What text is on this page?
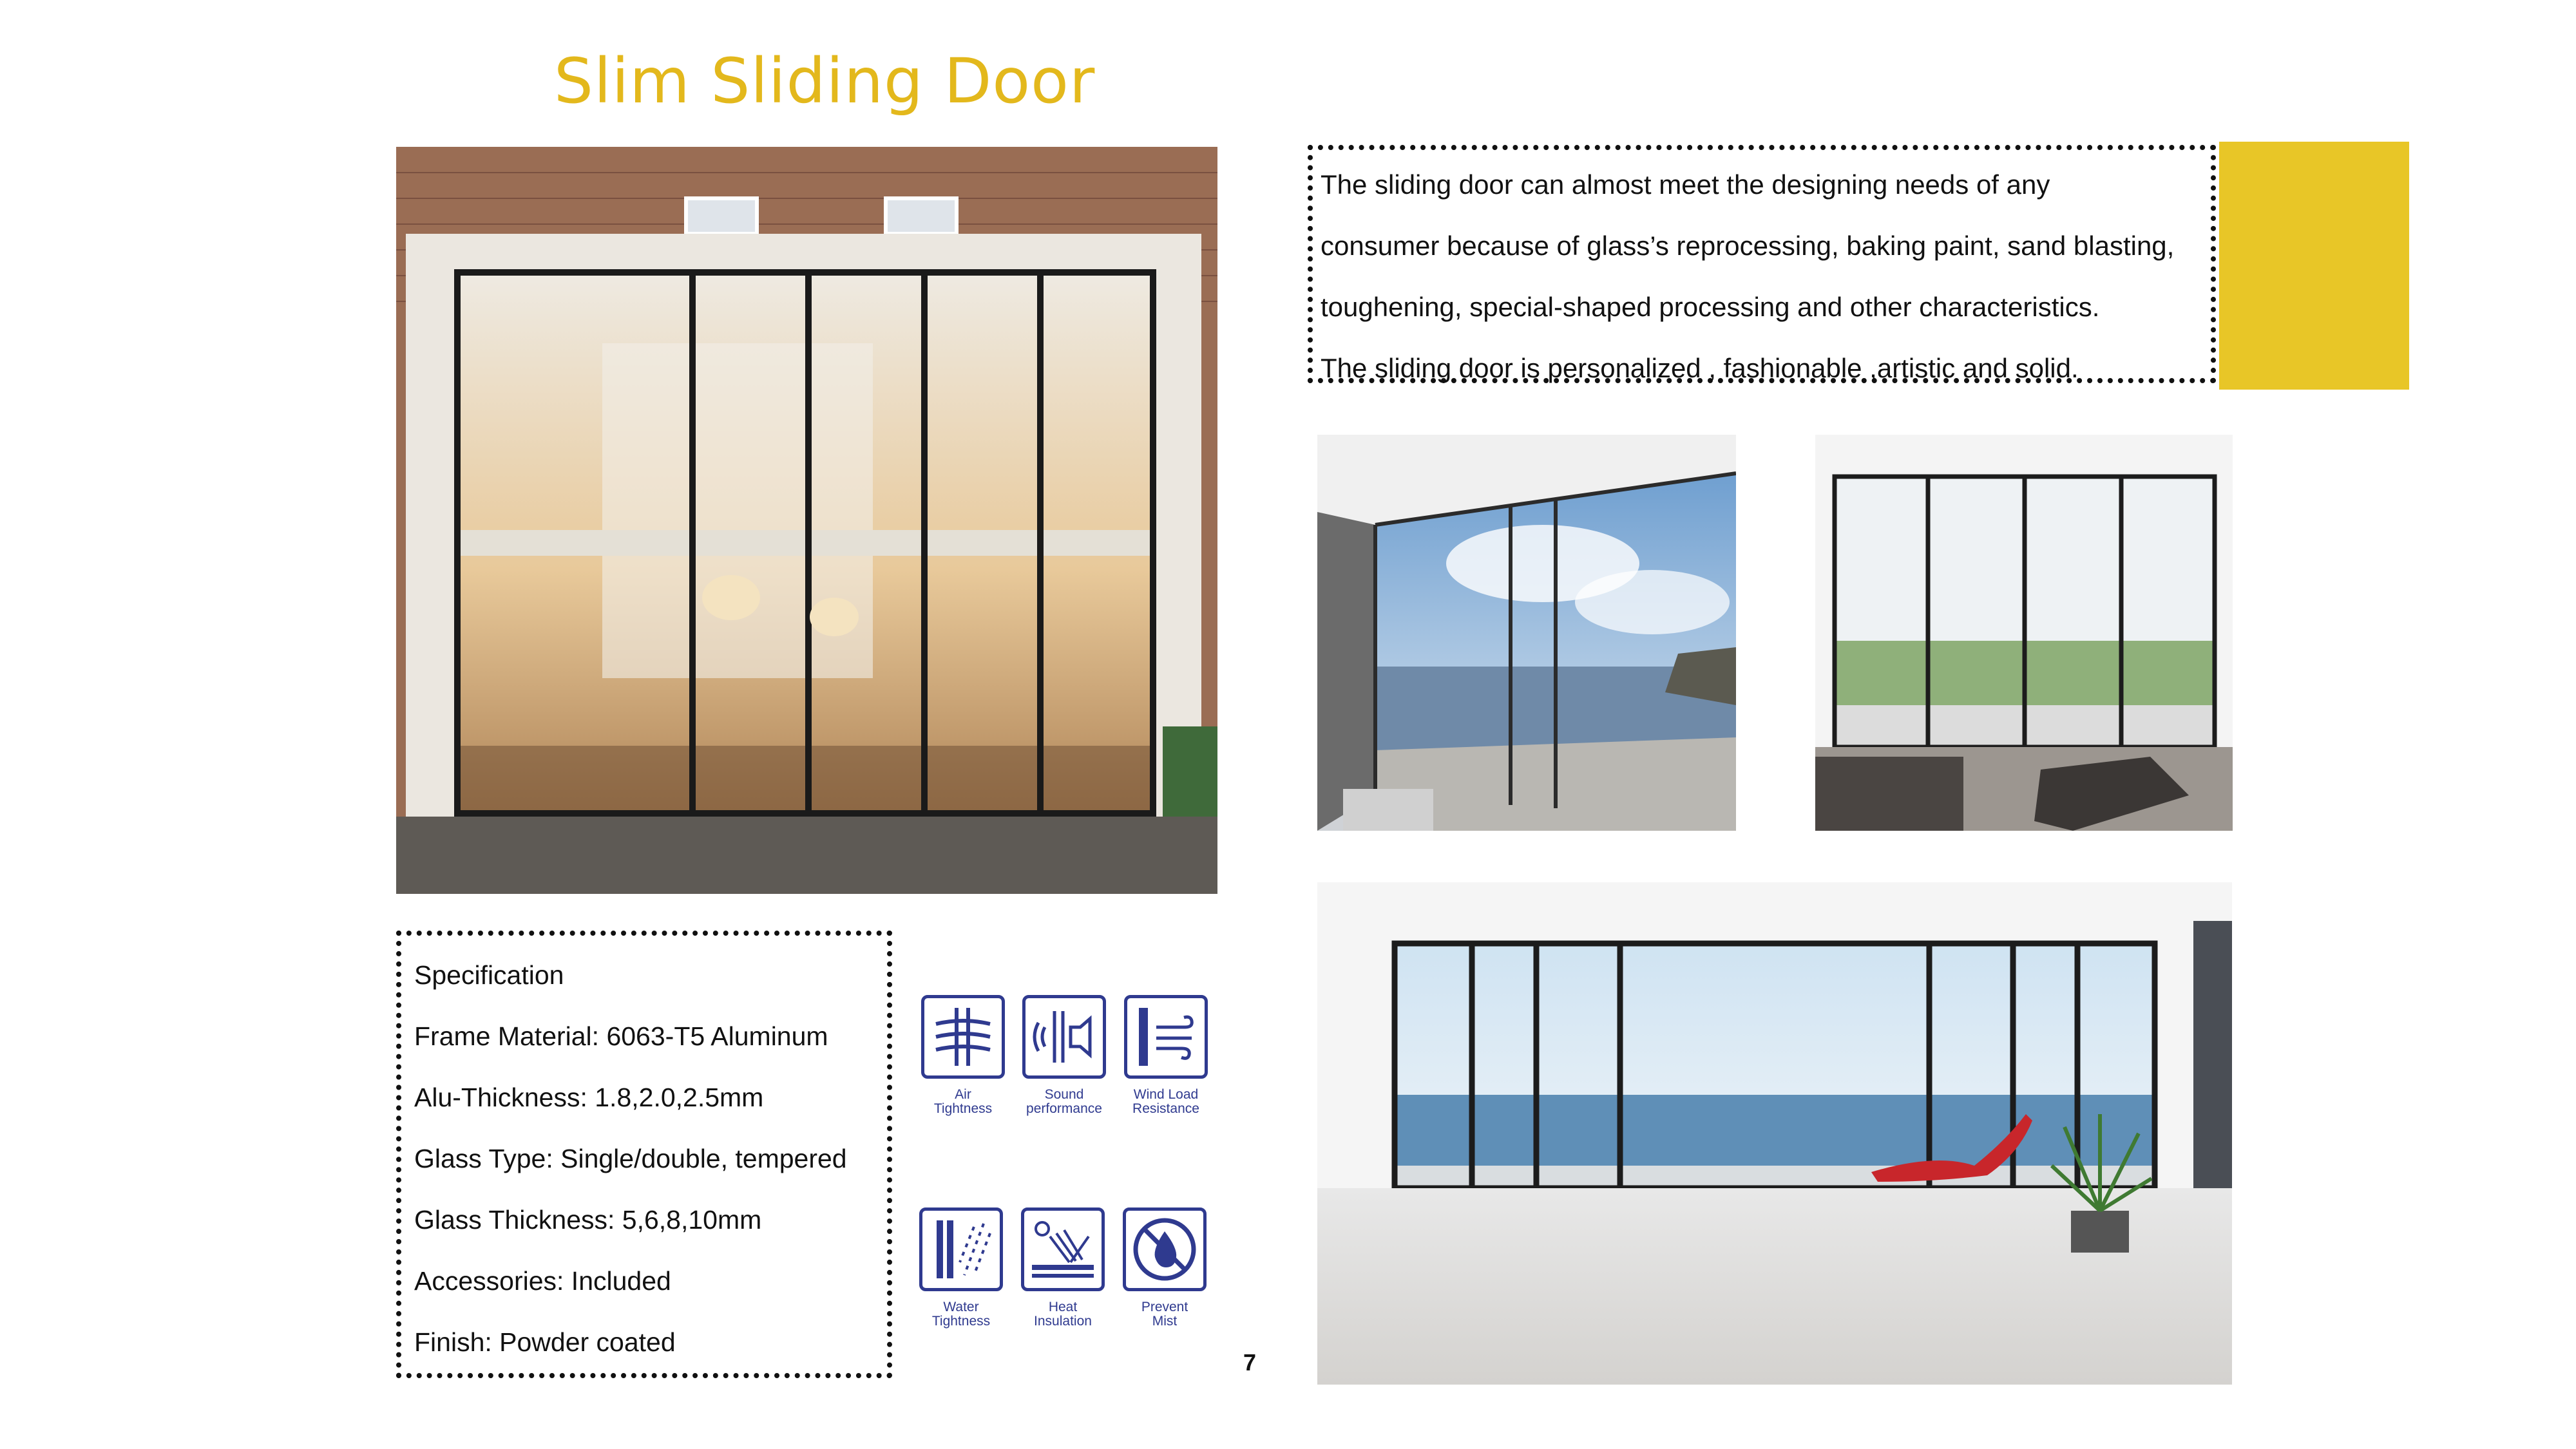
Slim Sliding Door
The sliding door can almost meet the designing needs of any
consumer because of glass’s reprocessing, baking paint, sand blasting,
toughening, special-shaped processing and other characteristics.
The sliding door is personalized , fashionable ,artistic and solid.
Specification
Frame Material: 6063-T5 Aluminum
Alu-Thickness: 1.8,2.0,2.5mm
Glass Type: Single/double, tempered
Glass Thickness: 5,6,8,10mm
Accessories: Included
Finish: Powder coated
Air
Tightness
Sound
performance
Wind Load
Resistance
Water
Tightness
Heat
Insulation
Prevent
Mist
7
